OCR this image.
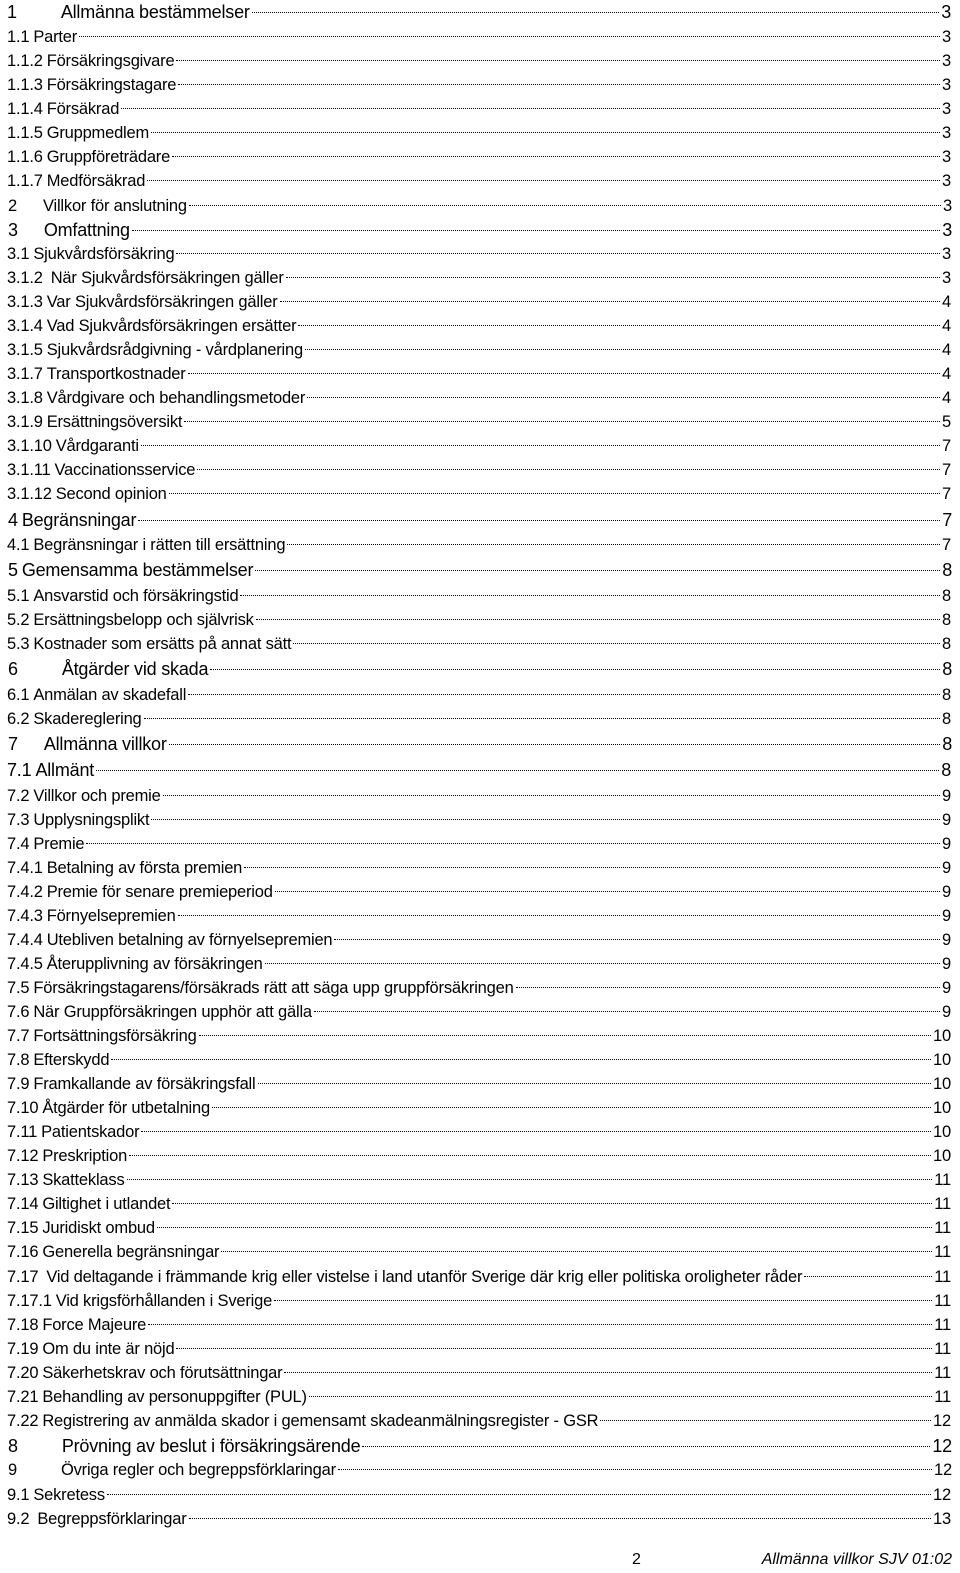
1 Allmänna bestämmelser	3
1.1 Parter	3
1.1.2 Försäkringsgivare	3
1.1.3 Försäkringstagare	3
1.1.4 Försäkrad	3
1.1.5 Gruppmedlem	3
1.1.6 Gruppföreträdare	3
1.1.7 Medförsäkrad	3
2 Villkor för anslutning	3
3 Omfattning	3
3.1 Sjukvårdsförsäkring	3
3.1.2 När Sjukvårdsförsäkringen gäller	3
3.1.3 Var Sjukvårdsförsäkringen gäller	4
3.1.4 Vad Sjukvårdsförsäkringen ersätter	4
3.1.5 Sjukvårdsrådgivning - vårdplanering	4
3.1.7 Transportkostnader	4
3.1.8 Vårdgivare och behandlingsmetoder	4
3.1.9 Ersättningsöversikt	5
3.1.10 Vårdgaranti	7
3.1.11 Vaccinationsservice	7
3.1.12 Second opinion	7
4 Begränsningar	7
4.1 Begränsningar i rätten till ersättning	7
5 Gemensamma bestämmelser	8
5.1 Ansvarstid och försäkringstid	8
5.2 Ersättningsbelopp och självrisk	8
5.3 Kostnader som ersätts på annat sätt	8
6 Åtgärder vid skada	8
6.1 Anmälan av skadefall	8
6.2 Skadereglering	8
7 Allmänna villkor	8
7.1 Allmänt	8
7.2 Villkor och premie	9
7.3 Upplysningsplikt	9
7.4 Premie	9
7.4.1 Betalning av första premien	9
7.4.2 Premie för senare premieperiod	9
7.4.3 Förnyelsepremien	9
7.4.4 Utebliven betalning av förnyelsepremien	9
7.4.5 Återupplivning av försäkringen	9
7.5 Försäkringstagarens/försäkrads rätt att säga upp gruppförsäkringen	9
7.6 När Gruppförsäkringen upphör att gälla	9
7.7 Fortsättningsförsäkring	10
7.8 Efterskydd	10
7.9 Framkallande av försäkringsfall	10
7.10 Åtgärder för utbetalning	10
7.11 Patientskador	10
7.12 Preskription	10
7.13 Skatteklass	11
7.14 Giltighet i utlandet	11
7.15 Juridiskt ombud	11
7.16 Generella begränsningar	11
7.17 Vid deltagande i främmande krig eller vistelse i land utanför Sverige där krig eller politiska oroligheter råder	11
7.17.1 Vid krigsförhållanden i Sverige	11
7.18 Force Majeure	11
7.19 Om du inte är nöjd	11
7.20 Säkerhetskrav och förutsättningar	11
7.21 Behandling av personuppgifter (PUL)	11
7.22 Registrering av anmälda skador i gemensamt skadeanmälningsregister - GSR	12
8 Prövning av beslut i försäkringsärende	12
9	Övriga regler och begreppsförklaringar	12
9.1 Sekretess	12
9.2 Begreppsförklaringar	13
2	Allmänna villkor SJV 01:02
